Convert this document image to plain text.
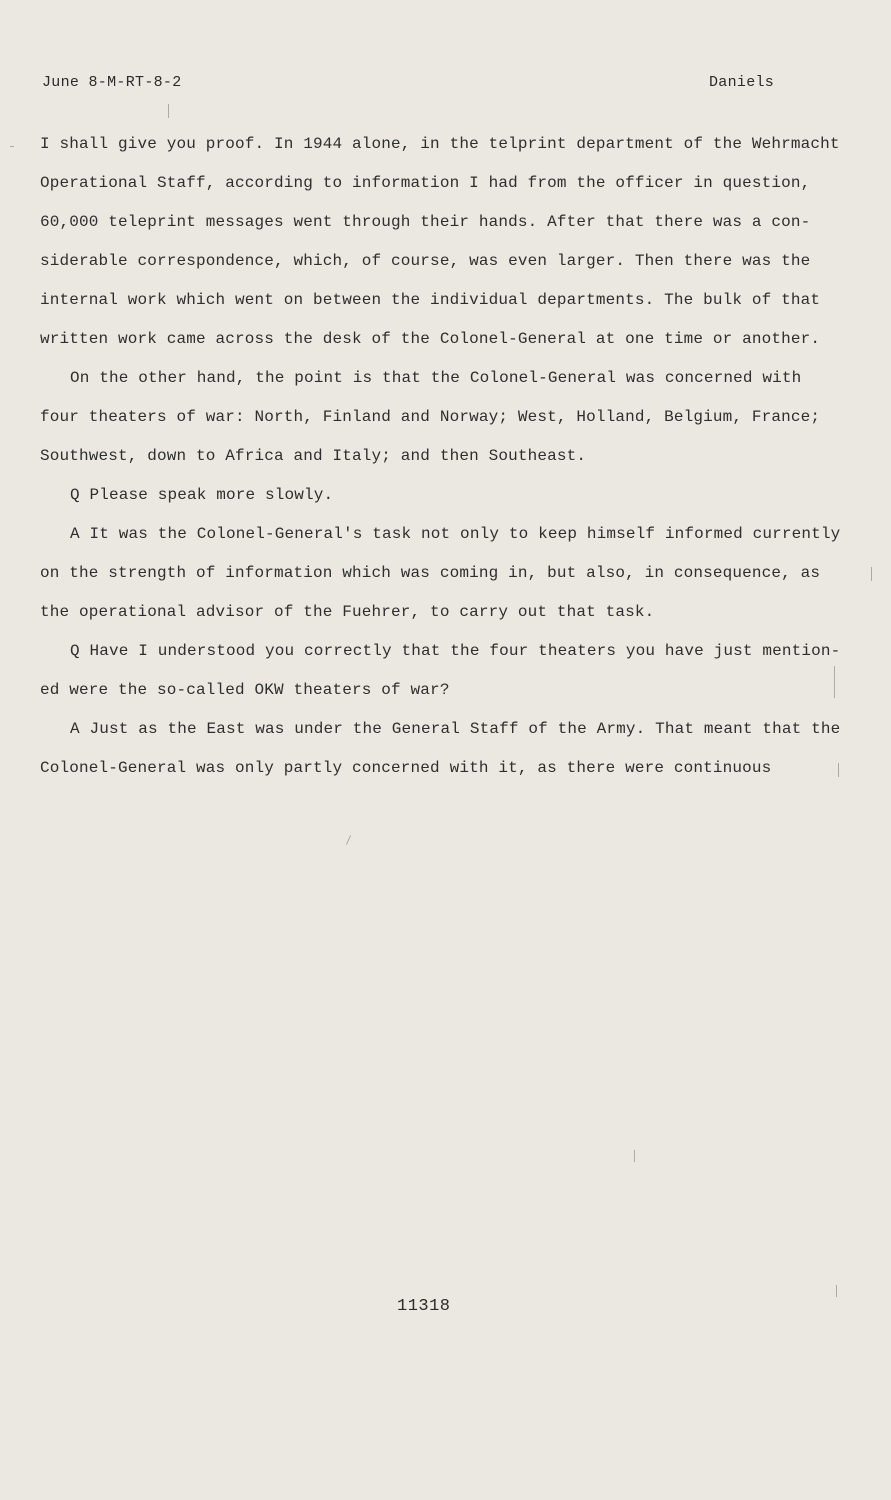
June 8-M-RT-8-2	Daniels
I shall give you proof. In 1944 alone, in the telprint department of the Wehrmacht
Operational Staff, according to information I had from the officer in question,
60,000 teleprint messages went through their hands. After that there was a con-
siderable correspondence, which, of course, was even larger. Then there was the
internal work which went on between the individual departments. The bulk of that
written work came across the desk of the Colonel-General at one time or another.
On the other hand, the point is that the Colonel-General was concerned with
four theaters of war: North, Finland and Norway; West, Holland, Belgium, France;
Southwest, down to Africa and Italy; and then Southeast.
Q Please speak more slowly.
A It was the Colonel-General's task not only to keep himself informed currently
on the strength of information which was coming in, but also, in consequence, as
the operational advisor of the Fuehrer, to carry out that task.
Q Have I understood you correctly that the four theaters you have just mention-
ed were the so-called OKW theaters of war?
A Just as the East was under the General Staff of the Army. That meant that the
Colonel-General was only partly concerned with it, as there were continuous
11318
